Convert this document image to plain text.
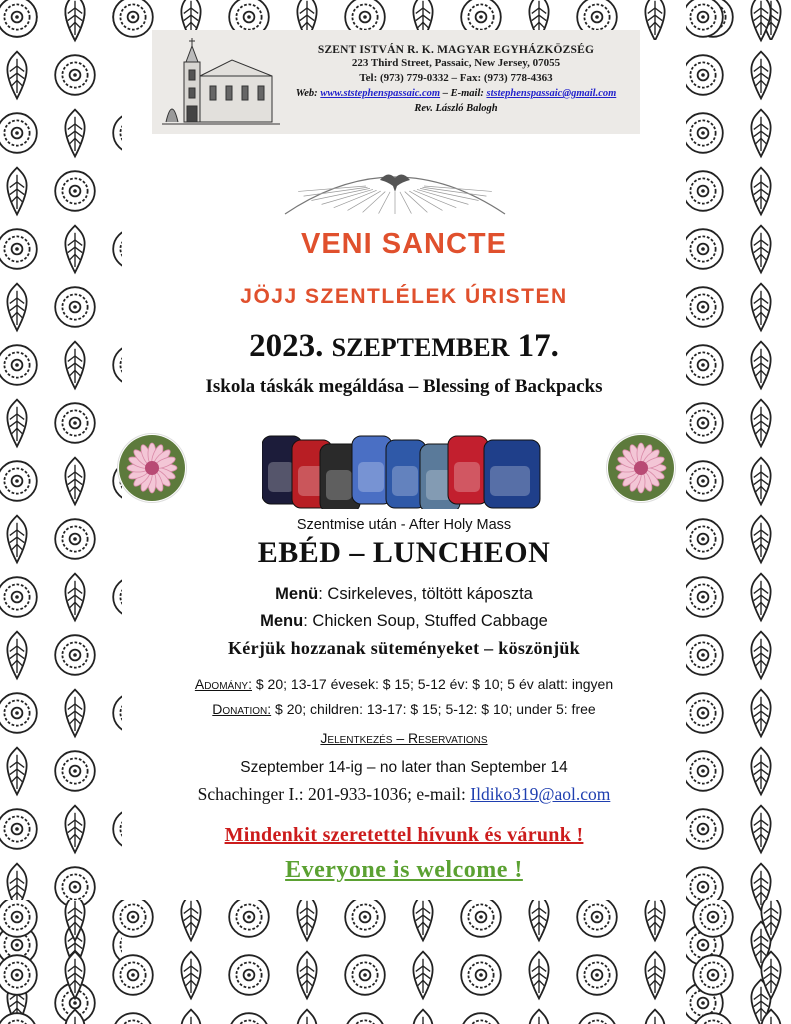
SZENT ISTVÁN R. K. MAGYAR EGYHÁZKÖZSÉG
223 Third Street, Passaic, New Jersey, 07055
Tel: (973) 779-0332 – Fax: (973) 778-4363
Web: www.ststephenspassaic.com – E-mail: ststephenspassaic@gmail.com
Rev. László Balogh
VENI SANCTE
JÖJJ SZENTLÉLEK ÚRISTEN
2023. SZEPTEMBER 17.
Iskola táskák megáldása – Blessing of Backpacks
Szentmise után - After Holy Mass
EBÉD – LUNCHEON
Menü: Csirkeleves, töltött káposzta
Menu: Chicken Soup, Stuffed Cabbage
Kérjük hozzanak süteményeket – köszönjük
Adomány: $ 20; 13-17 évesek: $ 15; 5-12 év: $ 10; 5 év alatt: ingyen
Donation: $ 20; children: 13-17: $ 15; 5-12: $ 10; under 5: free
Jelentkezés – Reservations
Szeptember 14-ig – no later than September 14
Schachinger I.: 201-933-1036; e-mail: Ildiko319@aol.com
Mindenkit szeretettel hívunk és várunk !
Everyone is welcome !
